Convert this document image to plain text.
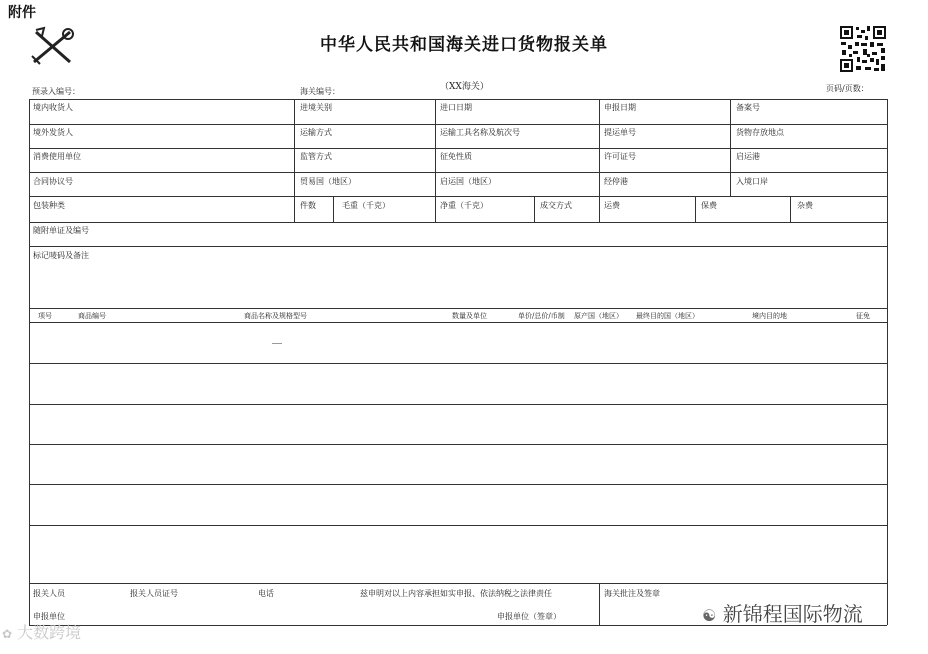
附件
中华人民共和国海关进口货物报关单
预录入编号：	海关编号：	（XX海关）	页码/页数：
境内收货人	进境关别	进口日期	申报日期	备案号
境外发货人	运输方式	运输工具名称及航次号	提运单号	货物存放地点
消费使用单位	监管方式	征免性质	许可证号	启运港
合同协议号	贸易国（地区）	启运国（地区）	经停港	入境口岸
包装种类	件数	毛重（千克）	净重（千克）	成交方式	运费	保费	杂费
随附单证及编号
标记唛码及备注
项号	商品编号	商品名称及规格型号	数量及单位	单价/总价/币制 原产国（地区） 最终目的国（地区）	境内目的地	征免
报关人员	报关人员证号	电话	兹申明对以上内容承担如实申报、依法纳税之法律责任	海关批注及签章
申报单位	申报单位（签章）	☯ 新锦程国际物流
✿ 大数跨境
